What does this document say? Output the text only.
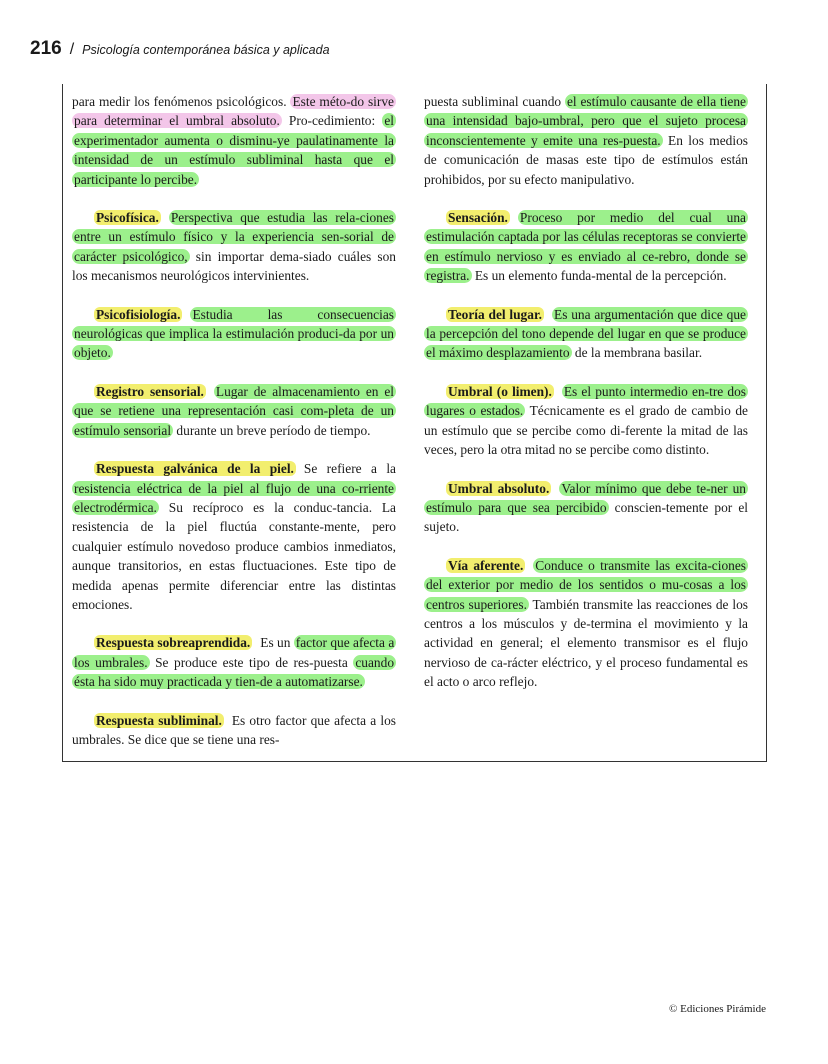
216 / Psicología contemporánea básica y aplicada

para medir los fenómenos psicológicos. Este méto-do sirve para determinar el umbral absoluto. Pro-cedimiento: el experimentador aumenta o disminu-ye paulatinamente la intensidad de un estímulo subliminal hasta que el participante lo percibe.

Psicofísica. Perspectiva que estudia las rela-ciones entre un estímulo físico y la experiencia sen-sorial de carácter psicológico, sin importar dema-siado cuáles son los mecanismos neurológicos intervinientes.

Psicofisiología. Estudia las consecuencias neurológicas que implica la estimulación produci-da por un objeto.

Registro sensorial. Lugar de almacenamiento en el que se retiene una representación casi com-pleta de un estímulo sensorial durante un breve período de tiempo.

Respuesta galvánica de la piel. Se refiere a la resistencia eléctrica de la piel al flujo de una co-rriente electrodérmica. Su recíproco es la conduc-tancia. La resistencia de la piel fluctúa constante-mente, pero cualquier estímulo novedoso produce cambios inmediatos, aunque transitorios, en estas fluctuaciones. Este tipo de medida apenas permite diferenciar entre las distintas emociones.

Respuesta sobreaprendida. Es un factor que afecta a los umbrales. Se produce este tipo de res-puesta cuando ésta ha sido muy practicada y tien-de a automatizarse.

Respuesta subliminal. Es otro factor que afecta a los umbrales. Se dice que se tiene una res-

puesta subliminal cuando el estímulo causante de ella tiene una intensidad bajo-umbral, pero que el sujeto procesa inconscientemente y emite una res-puesta. En los medios de comunicación de masas este tipo de estímulos están prohibidos, por su efecto manipulativo.

Sensación. Proceso por medio del cual una estimulación captada por las células receptoras se convierte en estímulo nervioso y es enviado al ce-rebro, donde se registra. Es un elemento funda-mental de la percepción.

Teoría del lugar. Es una argumentación que dice que la percepción del tono depende del lugar en que se produce el máximo desplazamiento de la membrana basilar.

Umbral (o limen). Es el punto intermedio en-tre dos lugares o estados. Técnicamente es el grado de cambio de un estímulo que se percibe como di-ferente la mitad de las veces, pero la otra mitad no se percibe como distinto.

Umbral absoluto. Valor mínimo que debe te-ner un estímulo para que sea percibido conscien-temente por el sujeto.

Vía aferente. Conduce o transmite las excita-ciones del exterior por medio de los sentidos o mu-cosas a los centros superiores. También transmite las reacciones de los centros a los músculos y de-termina el movimiento y la actividad en general; el elemento transmisor es el flujo nervioso de ca-rácter eléctrico, y el proceso fundamental es el acto o arco reflejo.

© Ediciones Pirámide
